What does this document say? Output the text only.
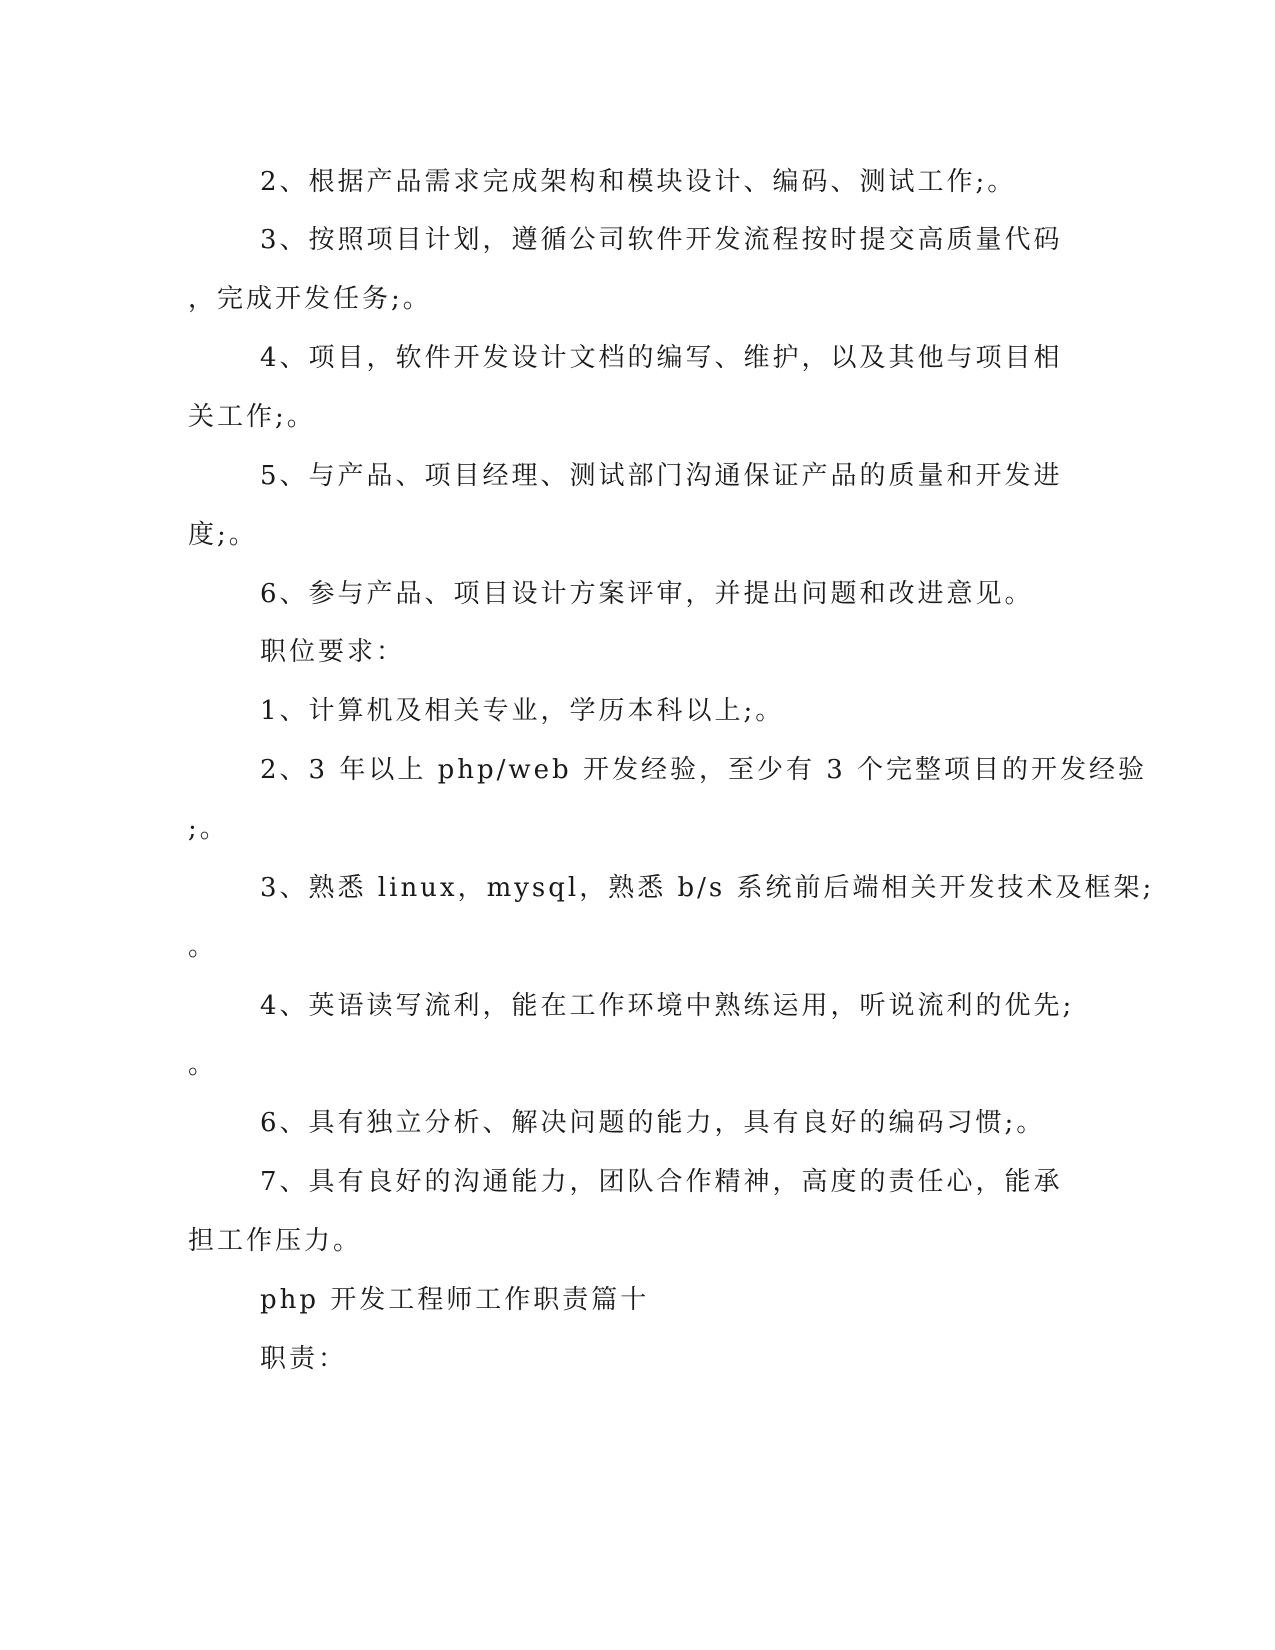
2、根据产品需求完成架构和模块设计、编码、测试工作;。
3、按照项目计划，遵循公司软件开发流程按时提交高质量代码
，完成开发任务;。
4、项目，软件开发设计文档的编写、维护，以及其他与项目相
关工作;。
5、与产品、项目经理、测试部门沟通保证产品的质量和开发进
度;。
6、参与产品、项目设计方案评审，并提出问题和改进意见。
职位要求：
1、计算机及相关专业，学历本科以上;。
2、3 年以上 php/web 开发经验，至少有 3 个完整项目的开发经验
;。
3、熟悉 linux，mysql，熟悉 b/s 系统前后端相关开发技术及框架;
。
4、英语读写流利，能在工作环境中熟练运用，听说流利的优先;
。
6、具有独立分析、解决问题的能力，具有良好的编码习惯;。
7、具有良好的沟通能力，团队合作精神，高度的责任心，能承
担工作压力。
php 开发工程师工作职责篇十
职责：
